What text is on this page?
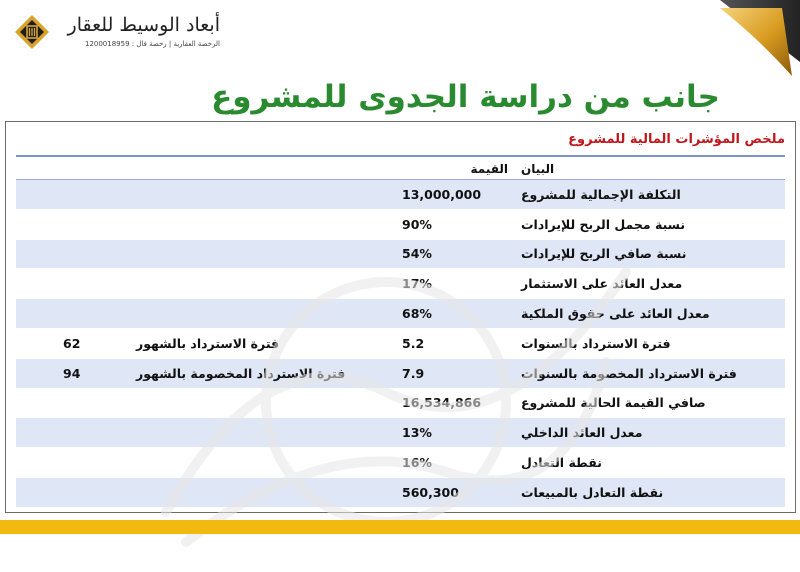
أبعاد الوسيط للعقار
الرخصة العقارية | رخصة فال : 1200018959
جانب من دراسة الجدوى للمشروع
ملخص المؤشرات المالية للمشروع
البيان
القيمة
التكلفة الإجمالية للمشروع
13,000,000
نسبة مجمل الربح للإيرادات
90%
نسبة صافي الربح للإيرادات
54%
معدل العائد على الاستثمار
17%
معدل العائد على حقوق الملكية
68%
فترة الاسترداد بالسنوات
5.2
فترة الاسترداد بالشهور
62
فترة الاسترداد المخصومة بالسنوات
7.9
فترة الاسترداد المخصومة بالشهور
94
صافي القيمة الحالية للمشروع
16,534,866
معدل العائد الداخلي
13%
نقطة التعادل
16%
نقطة التعادل بالمبيعات
560,300
